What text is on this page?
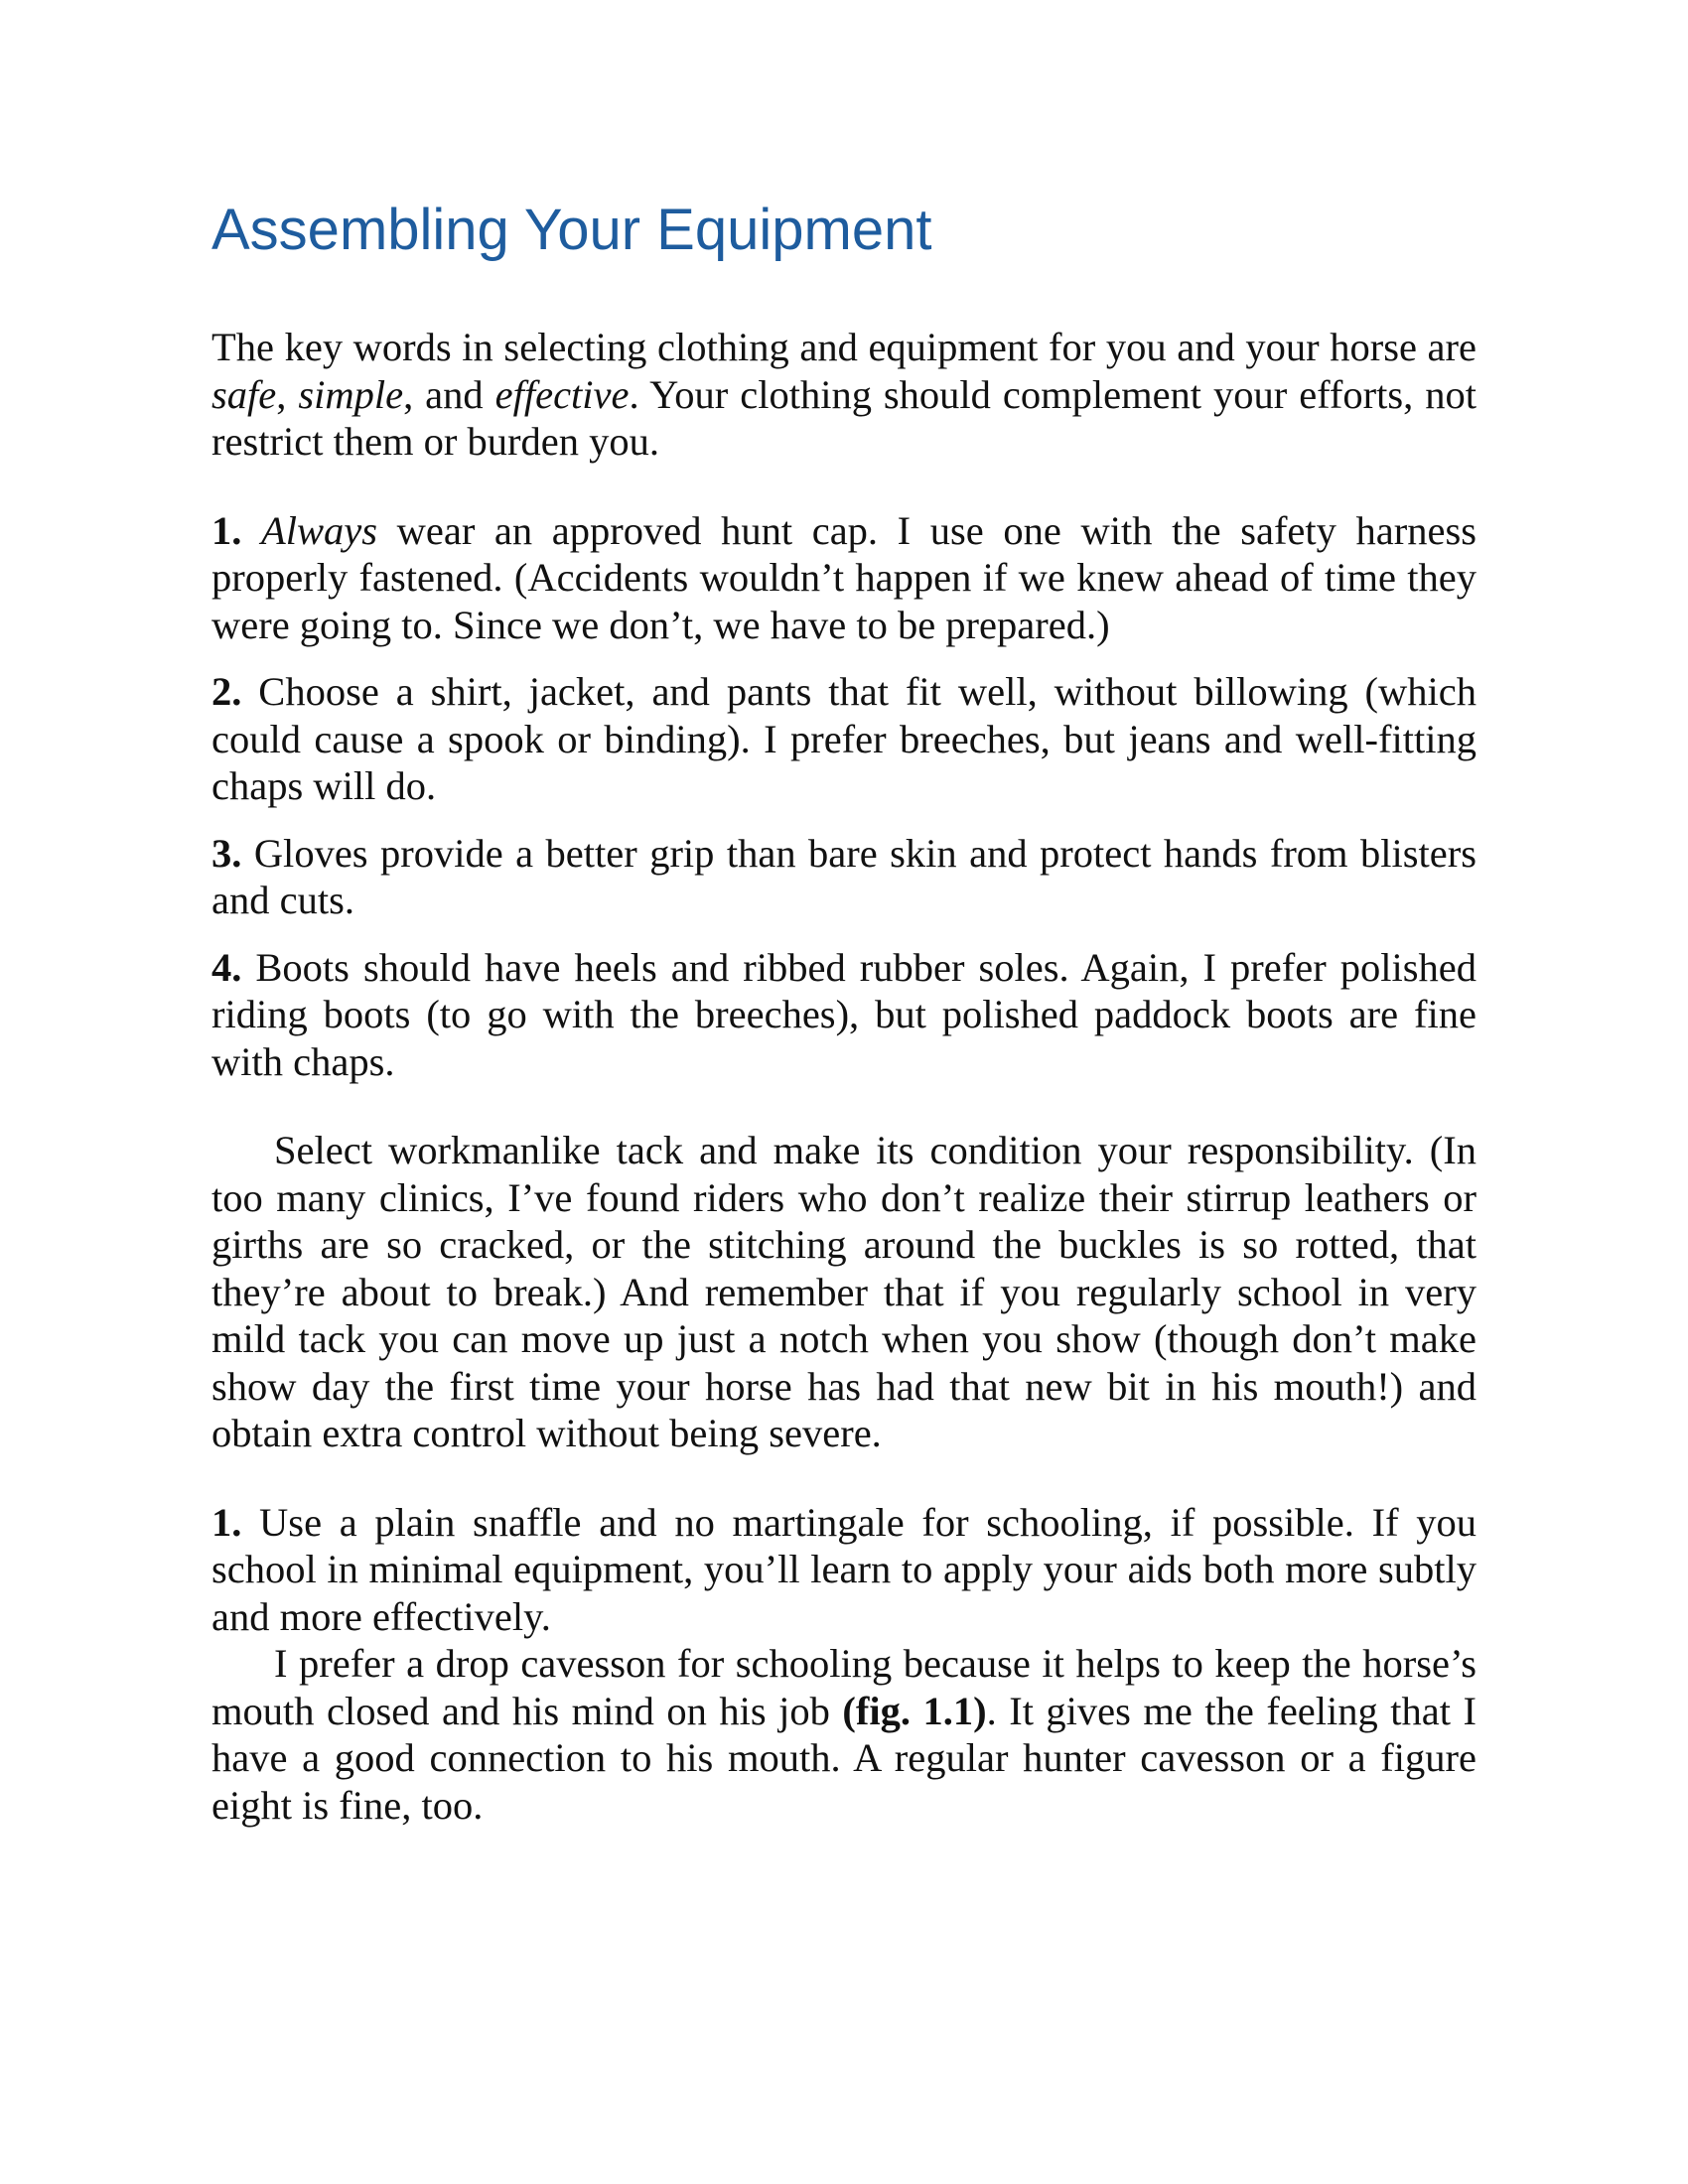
Assembling Your Equipment

The key words in selecting clothing and equipment for you and your horse are safe, simple, and effective. Your clothing should complement your efforts, not restrict them or burden you.

1. Always wear an approved hunt cap. I use one with the safety harness properly fastened. (Accidents wouldn’t happen if we knew ahead of time they were going to. Since we don’t, we have to be prepared.)

2. Choose a shirt, jacket, and pants that fit well, without billowing (which could cause a spook or binding). I prefer breeches, but jeans and well-fitting chaps will do.

3. Gloves provide a better grip than bare skin and protect hands from blisters and cuts.

4. Boots should have heels and ribbed rubber soles. Again, I prefer polished riding boots (to go with the breeches), but polished paddock boots are fine with chaps.

Select workmanlike tack and make its condition your responsibility. (In too many clinics, I’ve found riders who don’t realize their stirrup leathers or girths are so cracked, or the stitching around the buckles is so rotted, that they’re about to break.) And remember that if you regularly school in very mild tack you can move up just a notch when you show (though don’t make show day the first time your horse has had that new bit in his mouth!) and obtain extra control without being severe.

1. Use a plain snaffle and no martingale for schooling, if possible. If you school in minimal equipment, you’ll learn to apply your aids both more subtly and more effectively.

I prefer a drop cavesson for schooling because it helps to keep the horse’s mouth closed and his mind on his job (fig. 1.1). It gives me the feeling that I have a good connection to his mouth. A regular hunter cavesson or a figure eight is fine, too.
